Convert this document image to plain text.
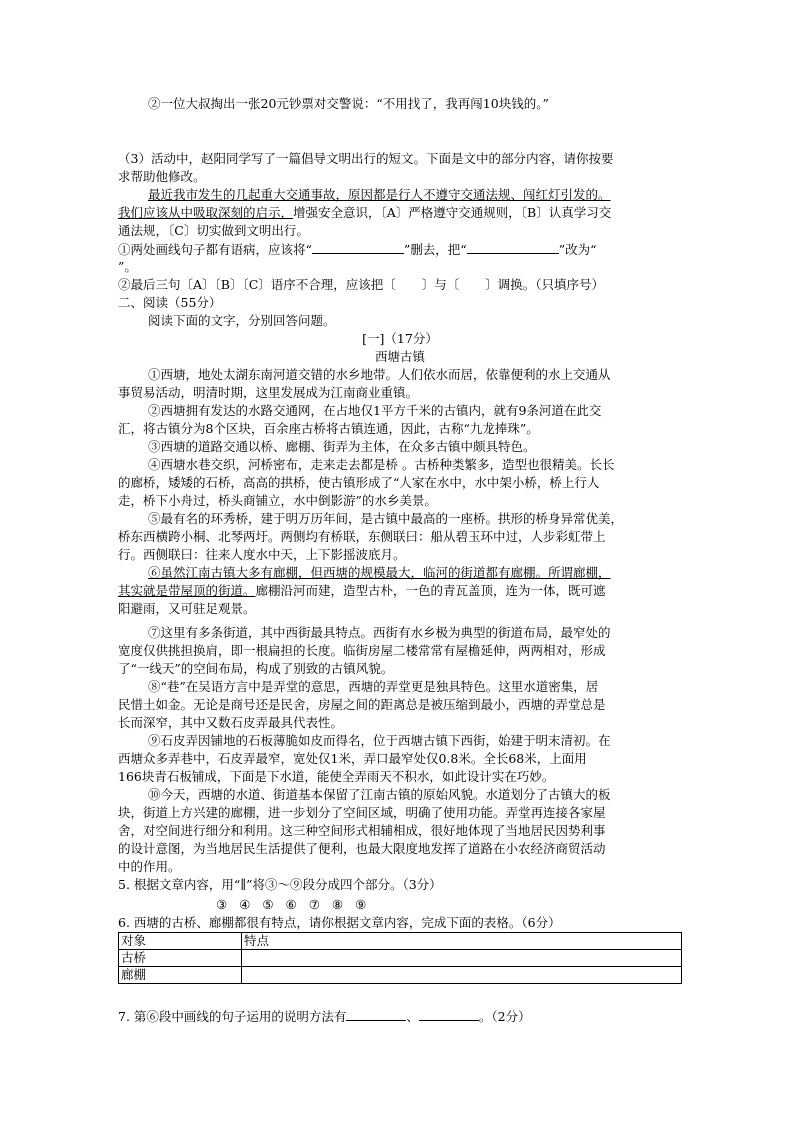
②一位大叔掏出一张20元钞票对交警说：“不用找了，我再闯10块钱的。”
（3）活动中，赵阳同学写了一篇倡导文明出行的短文。下面是文中的部分内容，请你按要
求帮助他修改。
最近我市发生的几起重大交通事故，原因都是行人不遵守交通法规、闯红灯引发的。
我们应该从中吸取深刻的启示，增强安全意识，〔A〕严格遵守交通规则，〔B〕认真学习交
通法规，〔C〕切实做到文明出行。
①两处画线句子都有语病，应该将“	”删去，把“	”改为“
”。
②最后三句〔A〕〔B〕〔C〕语序不合理，应该把〔 〕与〔 〕调换。（只填序号）
二、阅读（55分）
阅读下面的文字，分别回答问题。
[一]（17分）
西塘古镇
①西塘，地处太湖东南河道交错的水乡地带。人们依水而居，依靠便利的水上交通从
事贸易活动，明清时期，这里发展成为江南商业重镇。
②西塘拥有发达的水路交通网，在占地仅1平方千米的古镇内，就有9条河道在此交
汇，将古镇分为8个区块，百余座古桥将古镇连通，因此，古称“九龙捧珠”。
③西塘的道路交通以桥、廊棚、街弄为主体，在众多古镇中颇具特色。
④西塘水巷交织，河桥密布，走来走去都是桥 。古桥种类繁多，造型也很精美。长长
的廊桥，矮矮的石桥，高高的拱桥，使古镇形成了“人家在水中，水中架小桥，桥上行人
走，桥下小舟过，桥头商铺立，水中倒影游”的水乡美景。
⑤最有名的环秀桥，建于明万历年间，是古镇中最高的一座桥。拱形的桥身异常优美，
桥东西横跨小桐、北琴两圩。两侧均有桥联，东侧联曰：船从碧玉环中过，人步彩虹带上
行。西侧联曰：往来人度水中天，上下影摇波底月。
⑥虽然江南古镇大多有廊棚，但西塘的规模最大，临河的街道都有廊棚。所谓廊棚，
其实就是带屋顶的街道。廊棚沿河而建，造型古朴，一色的青瓦盖顶，连为一体，既可遮
阳避雨，又可驻足观景。
⑦这里有多条街道，其中西街最具特点。西街有水乡极为典型的街道布局，最窄处的
宽度仅供挑担换肩，即一根扁担的长度。临街房屋二楼常常有屋檐延伸，两两相对，形成
了“一线天”的空间布局，构成了别致的古镇风貌。
⑧“巷”在吴语方言中是弄堂的意思，西塘的弄堂更是独具特色。这里水道密集，居
民惜土如金。无论是商号还是民舍，房屋之间的距离总是被压缩到最小，西塘的弄堂总是
长而深窄，其中又数石皮弄最具代表性。
⑨石皮弄因铺地的石板薄脆如皮而得名，位于西塘古镇下西街，始建于明末清初。在
西塘众多弄巷中，石皮弄最窄，宽处仅1米，弄口最窄处仅0.8米。全长68米，上面用
166块青石板铺成，下面是下水道，能使全弄雨天不积水，如此设计实在巧妙。
⑩今天，西塘的水道、街道基本保留了江南古镇的原始风貌。水道划分了古镇大的板
块，街道上方兴建的廊棚，进一步划分了空间区域，明确了使用功能。弄堂再连接各家屋
舍，对空间进行细分和利用。这三种空间形式相辅相成，很好地体现了当地居民因势利事
的设计意图，为当地居民生活提供了便利，也最大限度地发挥了道路在小农经济商贸活动
中的作用。
5. 根据文章内容，用“∥”将③～⑨段分成四个部分。（3分）
③ ④ ⑤ ⑥ ⑦ ⑧ ⑨
6. 西塘的古桥、廊棚都很有特点，请你根据文章内容，完成下面的表格。（6分）
对象	特点
古桥	
廊棚	
7. 第⑥段中画线的句子运用的说明方法有	、	。（2分）
